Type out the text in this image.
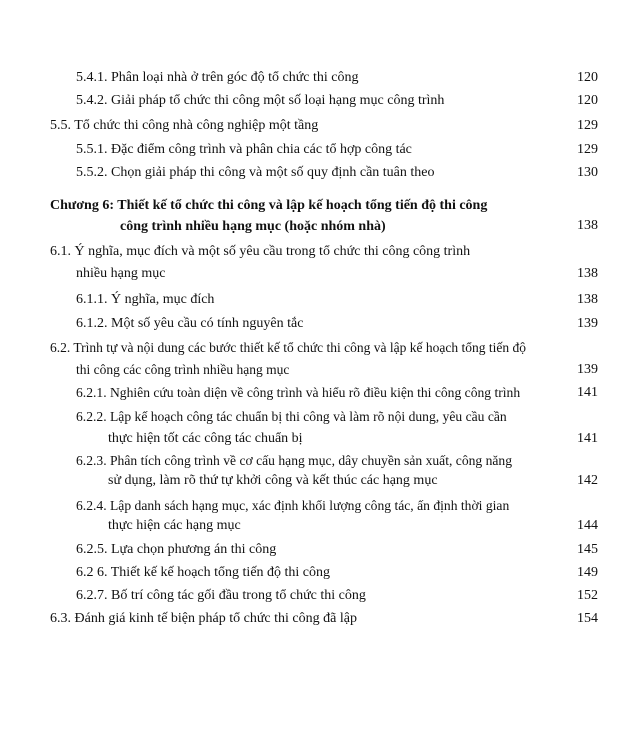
5.4.1. Phân loại nhà ở trên góc độ tổ chức thi công	120
5.4.2. Giải pháp tổ chức thi công một số loại hạng mục công trình	120
5.5. Tổ chức thi công nhà công nghiệp một tầng	129
5.5.1. Đặc điểm công trình và phân chia các tổ hợp công tác	129
5.5.2. Chọn giải pháp thi công và một số quy định cần tuân theo	130
Chương 6: Thiết kế tổ chức thi công và lập kế hoạch tổng tiến độ thi công
công trình nhiều hạng mục (hoặc nhóm nhà)	138
6.1. Ý nghĩa, mục đích và một số yêu cầu trong tổ chức thi công công trình
nhiều hạng mục	138
6.1.1. Ý nghĩa, mục đích	138
6.1.2. Một số yêu cầu có tính nguyên tắc	139
6.2. Trình tự và nội dung các bước thiết kế tổ chức thi công và lập kế hoạch tổng tiến độ
thi công các công trình nhiều hạng mục	139
6.2.1. Nghiên cứu toàn diện về công trình và hiểu rõ điều kiện thi công công trình	141
6.2.2. Lập kế hoạch công tác chuẩn bị thi công và làm rõ nội dung, yêu cầu cần
thực hiện tốt các công tác chuẩn bị	141
6.2.3. Phân tích công trình về cơ cấu hạng mục, dây chuyền sản xuất, công năng
sử dụng, làm rõ thứ tự khởi công và kết thúc các hạng mục	142
6.2.4. Lập danh sách hạng mục, xác định khối lượng công tác, ấn định thời gian
thực hiện các hạng mục	144
6.2.5. Lựa chọn phương án thi công	145
6.2 6. Thiết kế kế hoạch tổng tiến độ thi công	149
6.2.7. Bố trí công tác gối đầu trong tổ chức thi công	152
6.3. Đánh giá kinh tế biện pháp tổ chức thi công đã lập	154
